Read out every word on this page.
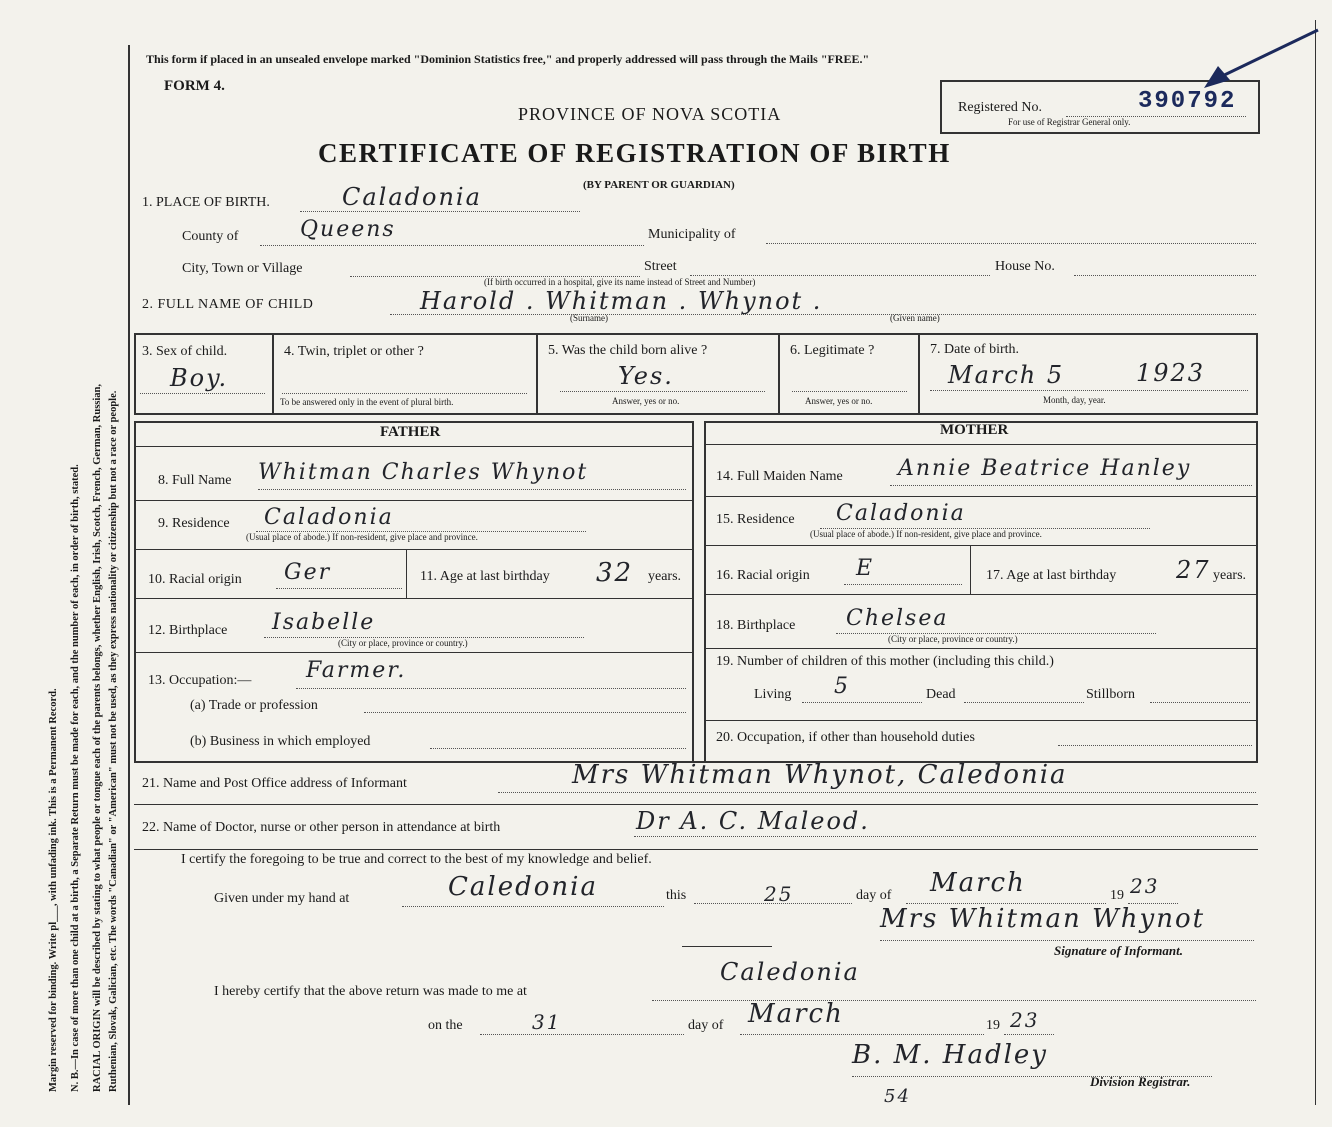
Margin reserved for binding. Write pl___, with unfading ink. This is a Permanent Record. N. B.—In case of more than one child at a birth, a Separate Return must be made for each, and the number of each, in order of birth, stated. RACIAL ORIGIN will be described by stating to what people or tongue each of the parents belongs, whether English, Irish, Scotch, French, German, Russian, Ruthenian, Slovak, Galician, etc. The words "Canadian" or "American" must not be used, as they express nationality or citizenship but not a race or people.
This form if placed in an unsealed envelope marked "Dominion Statistics free," and properly addressed will pass through the Mails "FREE."
FORM 4.
PROVINCE OF NOVA SCOTIA
CERTIFICATE OF REGISTRATION OF BIRTH
(BY PARENT OR GUARDIAN)
Registered No.	390792
For use of Registrar General only.
1. PLACE OF BIRTH.	Caladonia
County of	Queens	Municipality of
City, Town or Village	Street	House No.
(If birth occurred in a hospital, give its name instead of Street and Number)
2. FULL NAME OF CHILD	Harold . Whitman . Whynot .
(Surname)	(Given name)
3. Sex of child.
Boy.
4. Twin, triplet or other ?
To be answered only in the event of plural birth.
5. Was the child born alive ?
Yes.
Answer, yes or no.
6. Legitimate ?
Answer, yes or no.
7. Date of birth.
March 5	1923
Month, day, year.
FATHER	MOTHER
8. Full Name Whitman Charles Whynot
9. Residence Caladonia
(Usual place of abode.) If non-resident, give place and province.
10. Racial origin Ger	11. Age at last birthday 32 years.
12. Birthplace Isabelle
(City or place, province or country.)
13. Occupation:— Farmer.
(a) Trade or profession
(b) Business in which employed
14. Full Maiden Name	Annie Beatrice Hanley
15. Residence Caladonia
(Usual place of abode.) If non-resident, give place and province.
16. Racial origin E	17. Age at last birthday 27 years.
18. Birthplace Chelsea
(City or place, province or country.)
19. Number of children of this mother (including this child.)
Living 5	Dead	Stillborn
20. Occupation, if other than household duties
21. Name and Post Office address of Informant	Mrs Whitman Whynot, Caledonia
22. Name of Doctor, nurse or other person in attendance at birth	Dr A. C. Maleod.
I certify the foregoing to be true and correct to the best of my knowledge and belief.
Given under my hand at	Caledonia	this	25	day of March	19 23
Mrs Whitman Whynot
Signature of Informant.
I hereby certify that the above return was made to me at
Caledonia
on the	31	day of March	19 23
B. M. Hadley
Division Registrar.
54
